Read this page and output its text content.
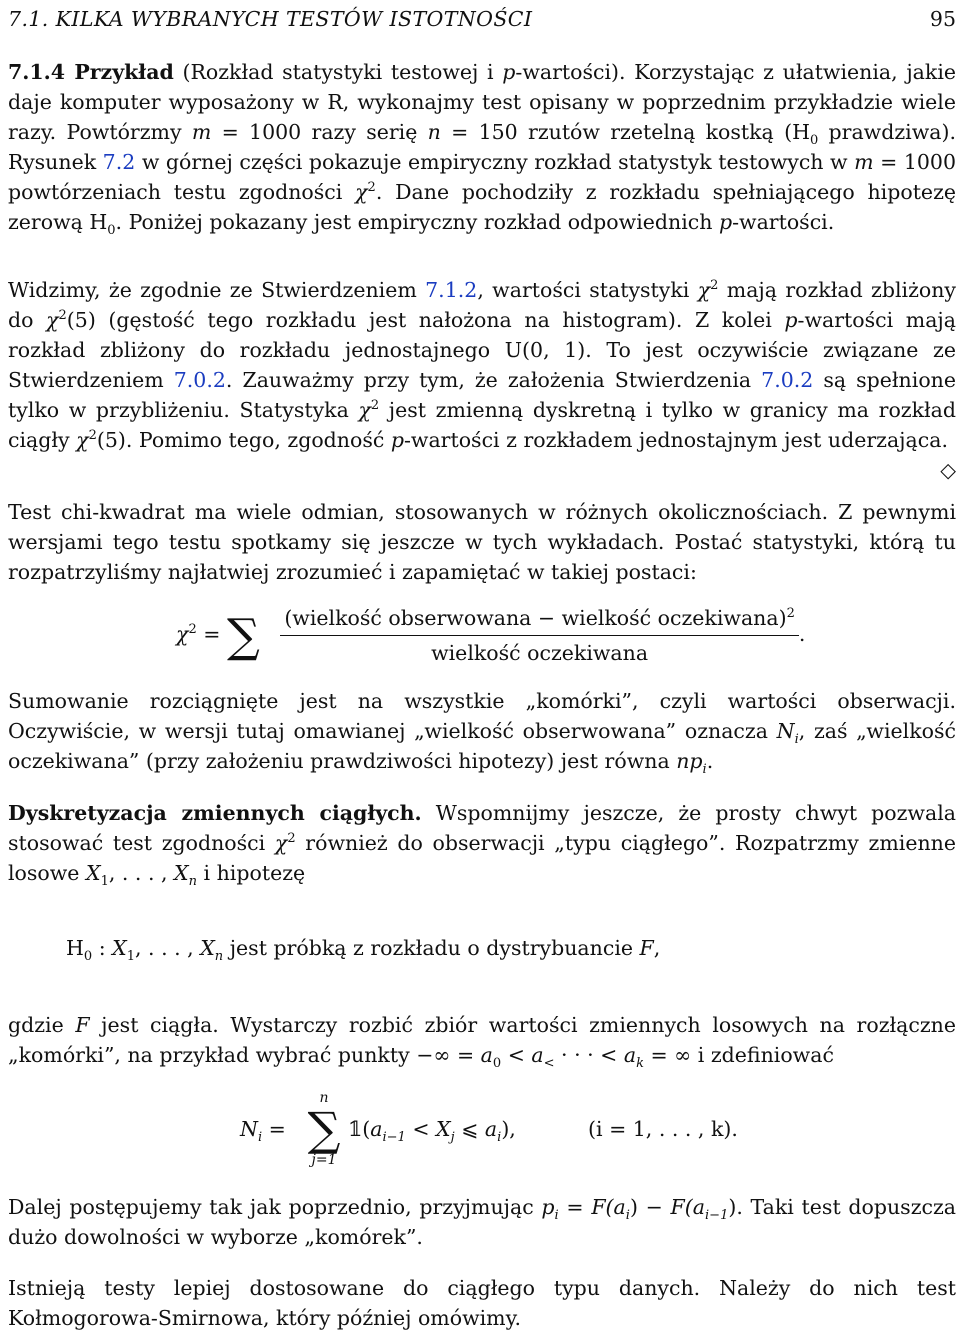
7.1. KILKA WYBRANYCH TESTÓW ISTOTNOŚCI	95

7.1.4 Przykład (Rozkład statystyki testowej i p-wartości). Korzystając z ułatwienia, jakie daje komputer wyposażony w R, wykonajmy test opisany w poprzednim przykładzie wiele razy. Powtórzmy m = 1000 razy serię n = 150 rzutów rzetelną kostką ($H_0$ prawdziwa). Rysunek 7.2 w górnej części pokazuje empiryczny rozkład statystyk testowych w m = 1000 powtórzeniach testu zgodności $\chi^2$. Dane pochodziły z rozkładu spełniającego hipotezę zerową $H_0$. Poniżej pokazany jest empiryczny rozkład odpowiednich p-wartości.

Widzimy, że zgodnie ze Stwierdzeniem 7.1.2, wartości statystyki $\chi^2$ mają rozkład zbliżony do $\chi^2(5)$ (gęstość tego rozkładu jest nałożona na histogram). Z kolei p-wartości mają rozkład zbliżony do rozkładu jednostajnego U(0, 1). To jest oczywiście związane ze Stwierdzeniem 7.0.2. Zauważmy przy tym, że założenia Stwierdzenia 7.0.2 są spełnione tylko w przybliżeniu. Statystyka $\chi^2$ jest zmienną dyskretną i tylko w granicy ma rozkład ciągły $\chi^2(5)$. Pomimo tego, zgodność p-wartości z rozkładem jednostajnym jest uderzająca.
◇

Test chi-kwadrat ma wiele odmian, stosowanych w różnych okolicznościach. Z pewnymi wersjami tego testu spotkamy się jeszcze w tych wykładach. Postać statystyki, którą tu rozpatrzyliśmy najłatwiej zrozumieć i zapamiętać w takiej postaci:

$\chi^2$ = ∑ $\frac{(wielkość obserwowana - wielkość oczekiwana)^2}{\text{wielkość oczekiwana}}$ .

Sumowanie rozciągnięte jest na wszystkie „komórki”, czyli wartości obserwacji. Oczywiście, w wersji tutaj omawianej „wielkość obserwowana” oznacza $N_i$, zaś „wielkość oczekiwana” (przy założeniu prawdziwości hipotezy) jest równa $np_i$.

Dyskretyzacja zmiennych ciągłych. Wspomnijmy jeszcze, że prosty chwyt pozwala stosować test zgodności $\chi^2$ również do obserwacji „typu ciągłego”. Rozpatrzmy zmienne losowe $X_1$, . . . , $X_n$ i hipotezę

$H_0$ : $X_1$, . . . , $X_n$ jest próbką z rozkładu o dystrybuancie F,

gdzie F jest ciągła. Wystarczy rozbić zbiór wartości zmiennych losowych na rozłączne „komórki”, na przykład wybrać punkty −∞ = $a_0 < a_<$ · · · < $a_k$ = ∞ i zdefiniować

$N_i$ =
n
∑
j=1
$𝟙(a_{i-1} < X_j$ ⩽ $a_i$),	(i = 1, . . . , k).

Dalej postępujemy tak jak poprzednio, przyjmując $p_i = F(a_i) - F(a_{i-1})$. Taki test dopuszcza dużo dowolności w wyborze „komórek”.

Istnieją testy lepiej dostosowane do ciągłego typu danych. Należy do nich test Kołmogorowa-Smirnowa, który później omówimy.
